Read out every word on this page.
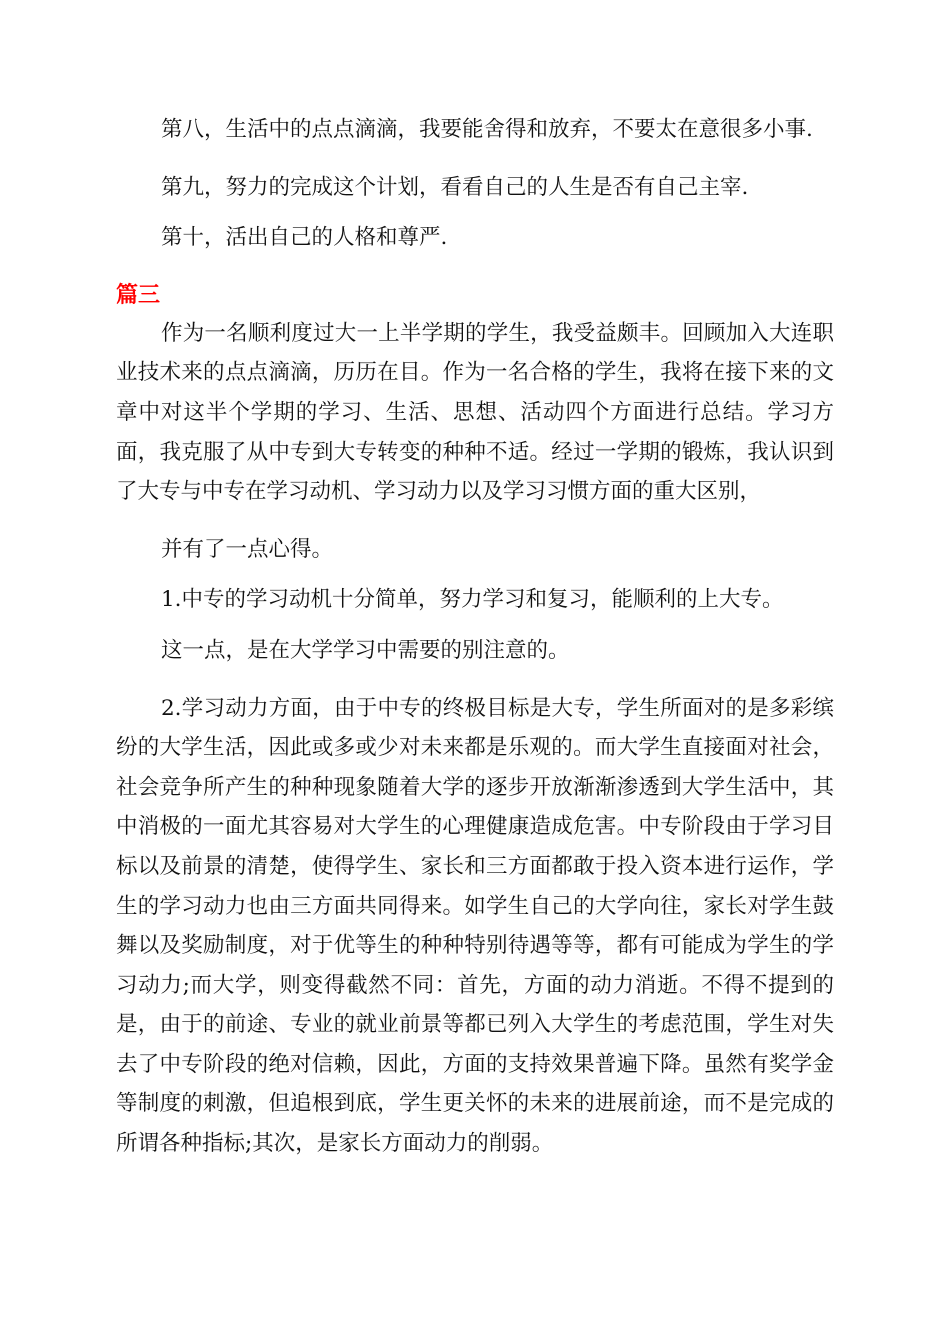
第八，生活中的点点滴滴，我要能舍得和放弃，不要太在意很多小事.

第九，努力的完成这个计划，看看自己的人生是否有自己主宰.

第十，活出自己的人格和尊严.

篇三

作为一名顺利度过大一上半学期的学生，我受益颇丰。回顾加入大连职业技术来的点点滴滴，历历在目。作为一名合格的学生，我将在接下来的文章中对这半个学期的学习、生活、思想、活动四个方面进行总结。学习方面，我克服了从中专到大专转变的种种不适。经过一学期的锻炼，我认识到了大专与中专在学习动机、学习动力以及学习习惯方面的重大区别，

并有了一点心得。

1.中专的学习动机十分简单，努力学习和复习，能顺利的上大专。

这一点，是在大学学习中需要的别注意的。

2.学习动力方面，由于中专的终极目标是大专，学生所面对的是多彩缤纷的大学生活，因此或多或少对未来都是乐观的。而大学生直接面对社会，社会竞争所产生的种种现象随着大学的逐步开放渐渐渗透到大学生活中，其中消极的一面尤其容易对大学生的心理健康造成危害。中专阶段由于学习目标以及前景的清楚，使得学生、家长和三方面都敢于投入资本进行运作，学生的学习动力也由三方面共同得来。如学生自己的大学向往，家长对学生鼓舞以及奖励制度，对于优等生的种种特别待遇等等，都有可能成为学生的学习动力;而大学，则变得截然不同：首先，方面的动力消逝。不得不提到的是，由于的前途、专业的就业前景等都已列入大学生的考虑范围，学生对失去了中专阶段的绝对信赖，因此，方面的支持效果普遍下降。虽然有奖学金等制度的刺激，但追根到底，学生更关怀的未来的进展前途，而不是完成的所谓各种指标;其次，是家长方面动力的削弱。
